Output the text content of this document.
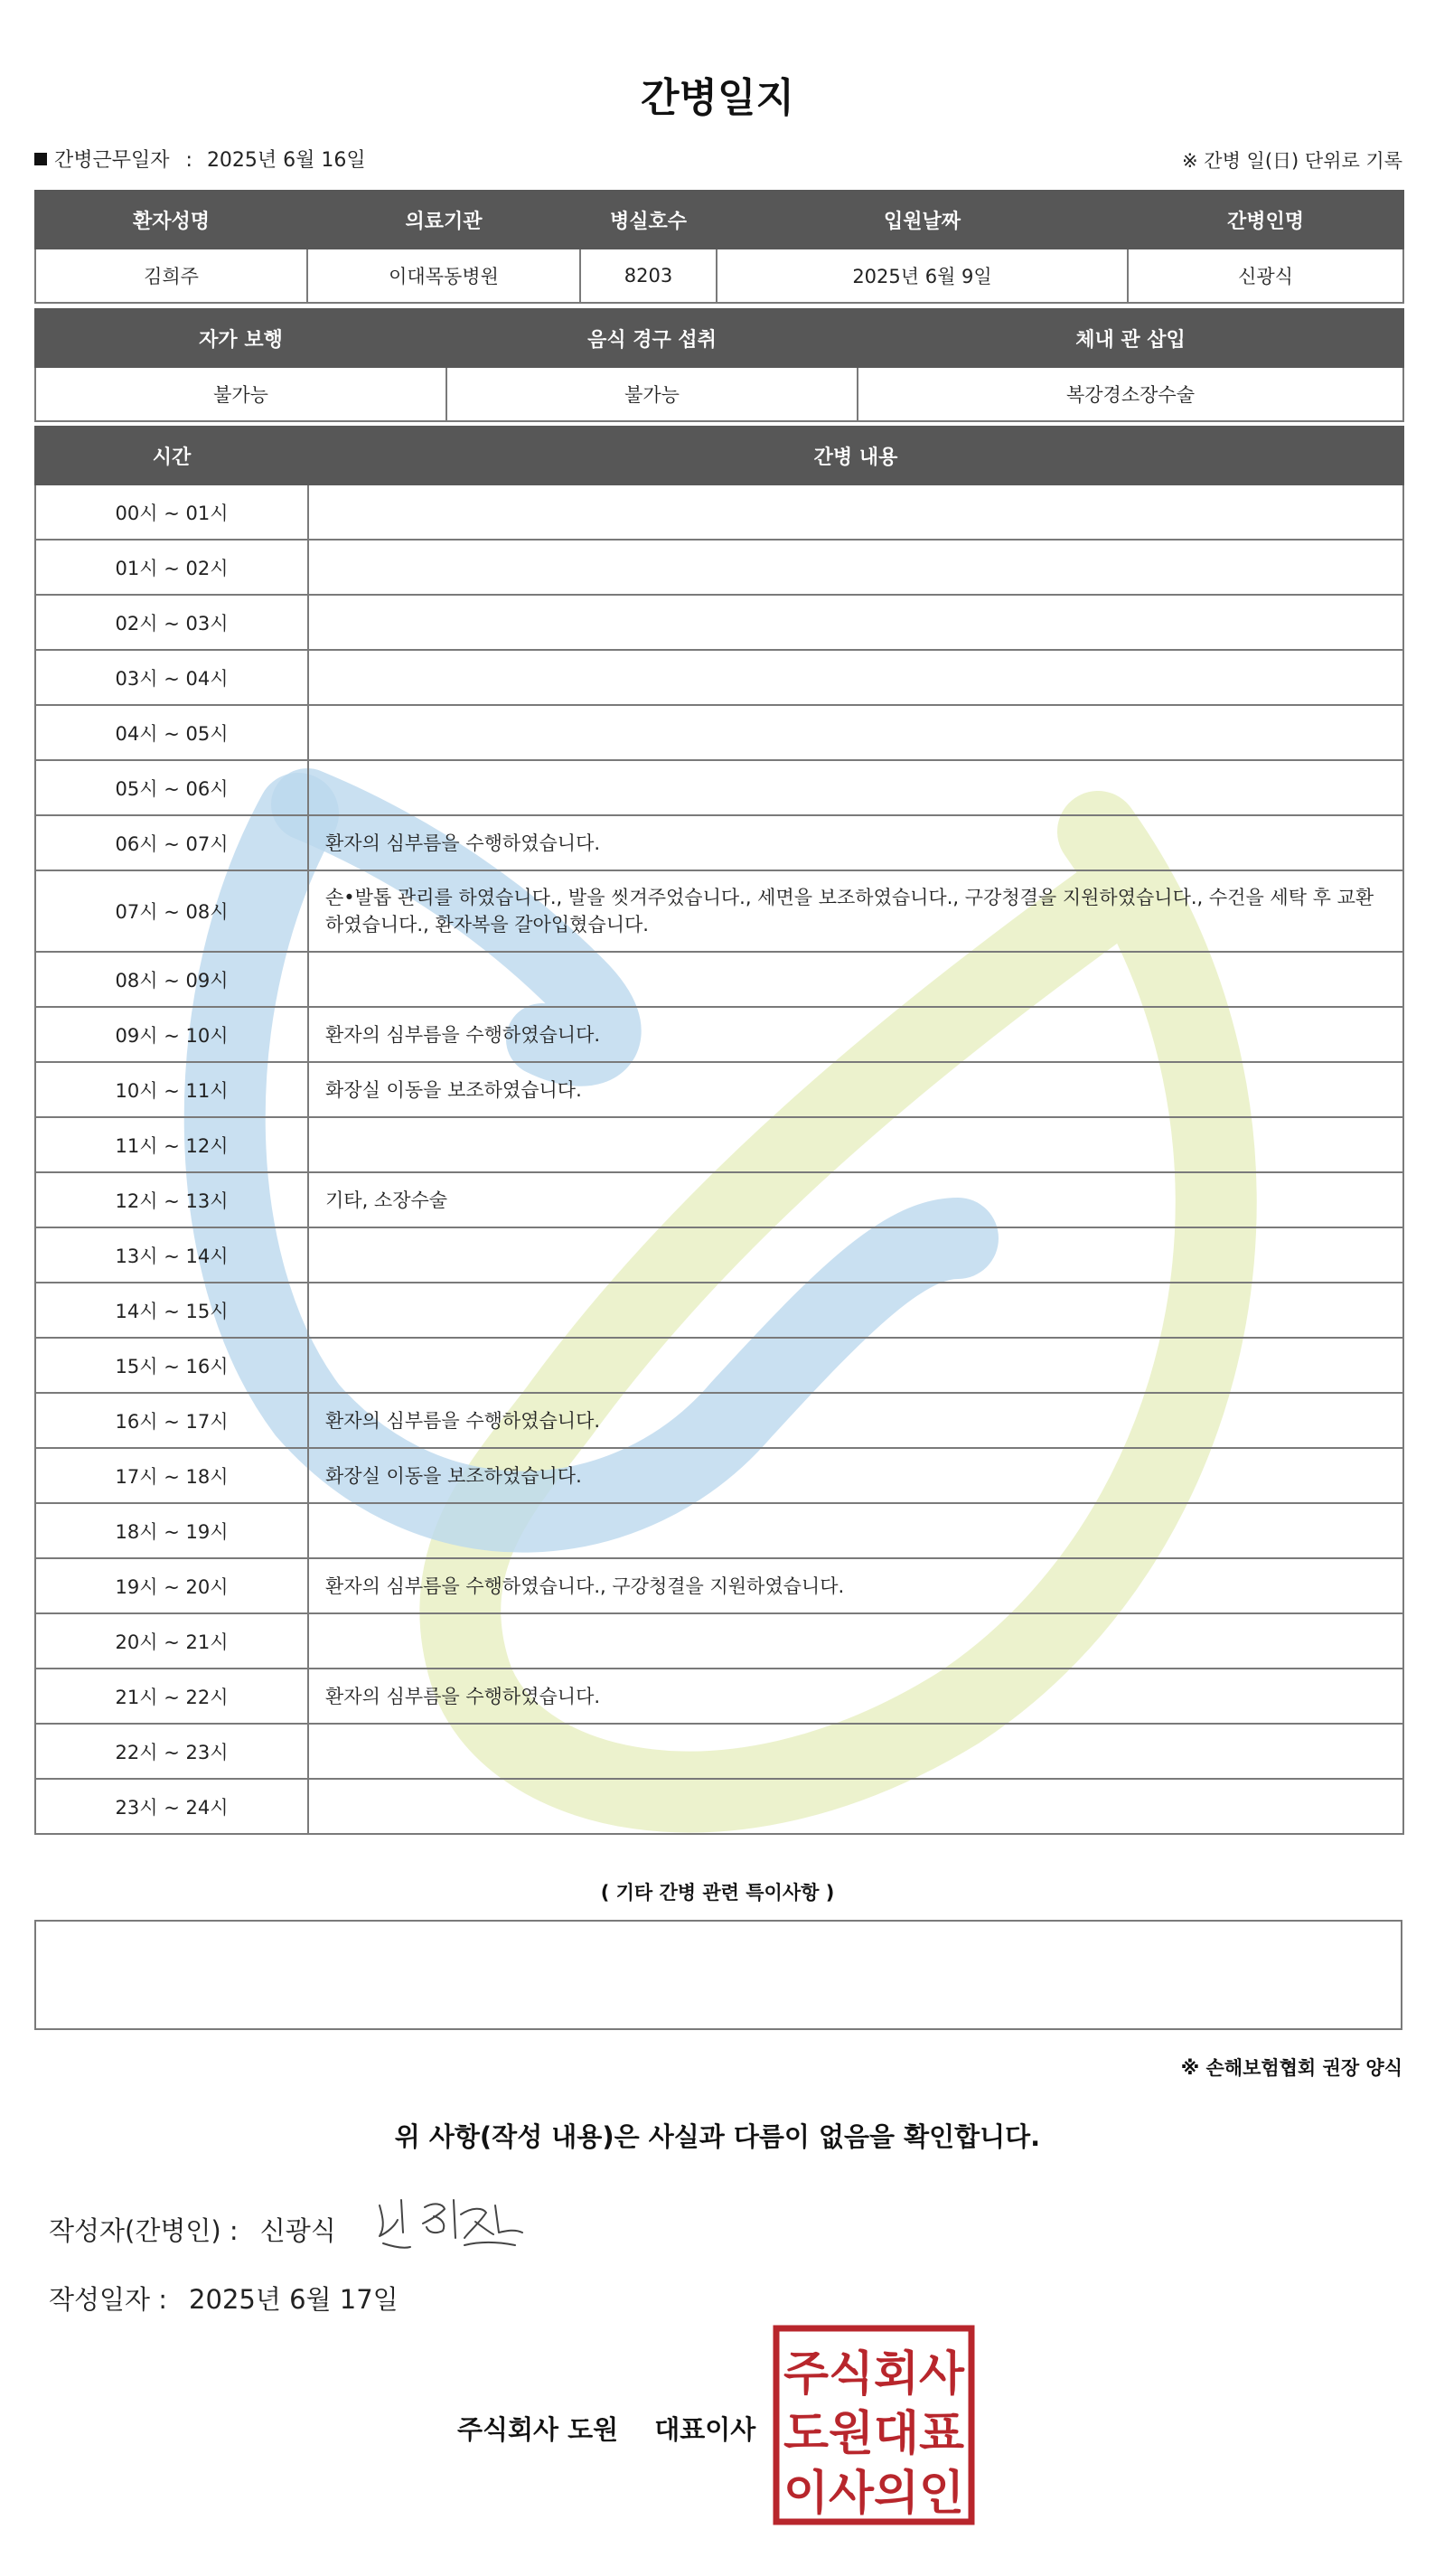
간병일지
간병근무일자 : 2025년 6월 16일	※ 간병 일(日) 단위로 기록
환자성명	의료기관	병실호수	입원날짜	간병인명
김희주	이대목동병원	8203	2025년 6월 9일	신광식
자가 보행	음식 경구 섭취	체내 관 삽입
불가능	불가능	복강경소장수술
시간	간병 내용
00시 ~ 01시	
01시 ~ 02시	
02시 ~ 03시	
03시 ~ 04시	
04시 ~ 05시	
05시 ~ 06시	
06시 ~ 07시	환자의 심부름을 수행하였습니다.
07시 ~ 08시	손•발톱 관리를 하였습니다., 발을 씻겨주었습니다., 세면을 보조하였습니다., 구강청결을 지원하였습니다., 수건을 세탁 후 교환하였습니다., 환자복을 갈아입혔습니다.
08시 ~ 09시	
09시 ~ 10시	환자의 심부름을 수행하였습니다.
10시 ~ 11시	화장실 이동을 보조하였습니다.
11시 ~ 12시	
12시 ~ 13시	기타, 소장수술
13시 ~ 14시	
14시 ~ 15시	
15시 ~ 16시	
16시 ~ 17시	환자의 심부름을 수행하였습니다.
17시 ~ 18시	화장실 이동을 보조하였습니다.
18시 ~ 19시	
19시 ~ 20시	환자의 심부름을 수행하였습니다., 구강청결을 지원하였습니다.
20시 ~ 21시	
21시 ~ 22시	환자의 심부름을 수행하였습니다.
22시 ~ 23시	
23시 ~ 24시	
( 기타 간병 관련 특이사항 )
※ 손해보험협회 권장 양식
위 사항(작성 내용)은 사실과 다름이 없음을 확인합니다.
작성자(간병인) : 신광식
작성일자 : 2025년 6월 17일
주식회사 도원 대표이사
주식회사
도원대표
이사의인
